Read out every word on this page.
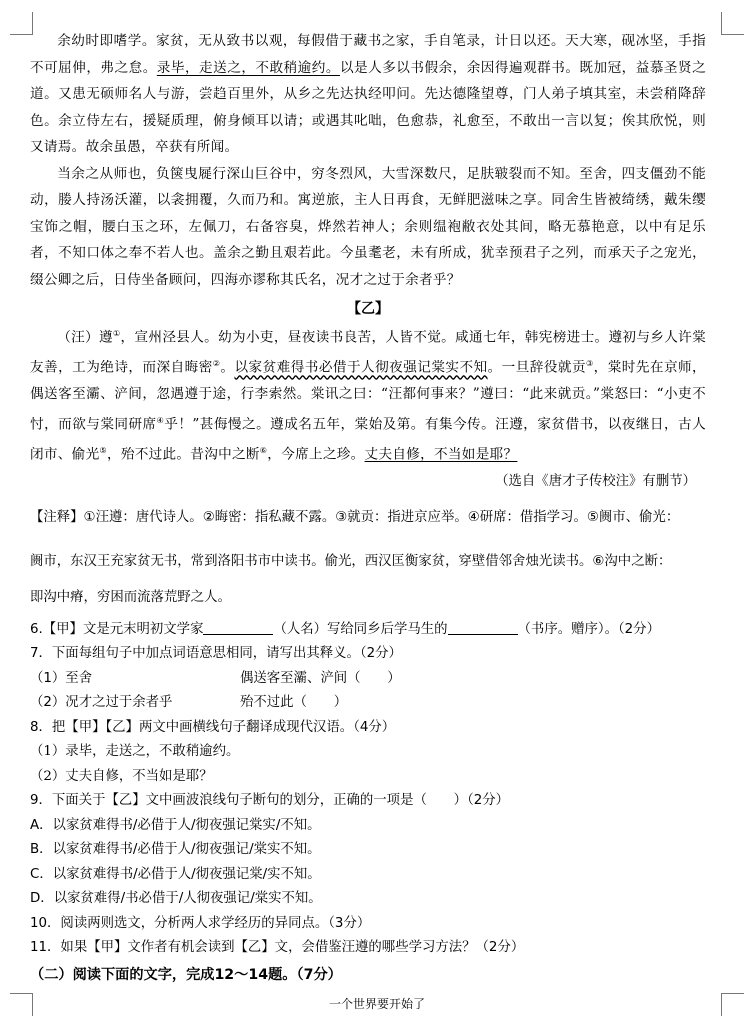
余幼时即嗜学。家贫，无从致书以观，每假借于藏书之家，手自笔录，计日以还。天大寒，砚冰坚，手指不可屈伸，弗之怠。录毕，走送之，不敢稍逾约。以是人多以书假余，余因得遍观群书。既加冠，益慕圣贤之道。又患无硕师名人与游，尝趋百里外，从乡之先达执经叩问。先达德隆望尊，门人弟子填其室，未尝稍降辞色。余立侍左右，援疑质理，俯身倾耳以请；或遇其叱咄，色愈恭，礼愈至，不敢出一言以复；俟其欣悦，则又请焉。故余虽愚，卒获有所闻。

当余之从师也，负箧曳屣行深山巨谷中，穷冬烈风，大雪深数尺，足肤皲裂而不知。至舍，四支僵劲不能动，媵人持汤沃灌，以衾拥覆，久而乃和。寓逆旅，主人日再食，无鲜肥滋味之享。同舍生皆被绮绣，戴朱缨宝饰之帽，腰白玉之环，左佩刀，右备容臭，烨然若神人；余则缊袍敝衣处其间，略无慕艳意，以中有足乐者，不知口体之奉不若人也。盖余之勤且艰若此。今虽耄老，未有所成，犹幸预君子之列，而承天子之宠光，缀公卿之后，日侍坐备顾问，四海亦谬称其氏名，况才之过于余者乎？

【乙】

（汪）遵①，宣州泾县人。幼为小吏，昼夜读书良苦，人皆不觉。咸通七年，韩宪榜进士。遵初与乡人许棠友善，工为绝诗，而深自晦密②。以家贫难得书必借于人彻夜强记棠实不知。一旦辞役就贡③，棠时先在京师，偶送客至灞、浐间，忽遇遵于途，行李索然。棠讯之曰：“汪都何事来？”遵曰：“此来就贡。”棠怒曰：“小吏不忖，而欲与棠同研席④乎！”甚侮慢之。遵成名五年，棠始及第。有集今传。汪遵，家贫借书，以夜继日，古人闭市、偷光⑤，殆不过此。昔沟中之断⑥，今席上之珍。丈夫自修，不当如是耶？

（选自《唐才子传校注》有删节）

【注释】①汪遵：唐代诗人。②晦密：指私藏不露。③就贡：指进京应举。④研席：借指学习。⑤阓市、偷光：

阓市，东汉王充家贫无书，常到洛阳书市中读书。偷光，西汉匡衡家贫，穿壁借邻舍烛光读书。⑥沟中之断：

即沟中瘠，穷困而流落荒野之人。

6.【甲】文是元末明初文学家	（人名）写给同乡后学马生的	（书序。赠序）。（2分）

7．下面每组句子中加点词语意思相同，请写出其释义。（2分）

（1）至舍	偶送客至灞、浐间（　　）
（2）况才之过于余者乎	殆不过此（　　）

8．把【甲】【乙】两文中画横线句子翻译成现代汉语。（4分）

（1）录毕，走送之，不敢稍逾约。

（2）丈夫自修，不当如是耶？

9．下面关于【乙】文中画波浪线句子断句的划分，正确的一项是（　　）（2分）

A．以家贫难得书/必借于人/彻夜强记棠实/不知。

B．以家贫难得书/必借于人/彻夜强记/棠实不知。

C．以家贫难得书/必借于人/彻夜强记棠/实不知。

D．以家贫难得/书必借于/人彻夜强记/棠实不知。

10．阅读两则选文，分析两人求学经历的异同点。（3分）

11．如果【甲】文作者有机会读到【乙】文，会借鉴汪遵的哪些学习方法？（2分）

（二）阅读下面的文字，完成12～14题。（7分）

一个世界要开始了
